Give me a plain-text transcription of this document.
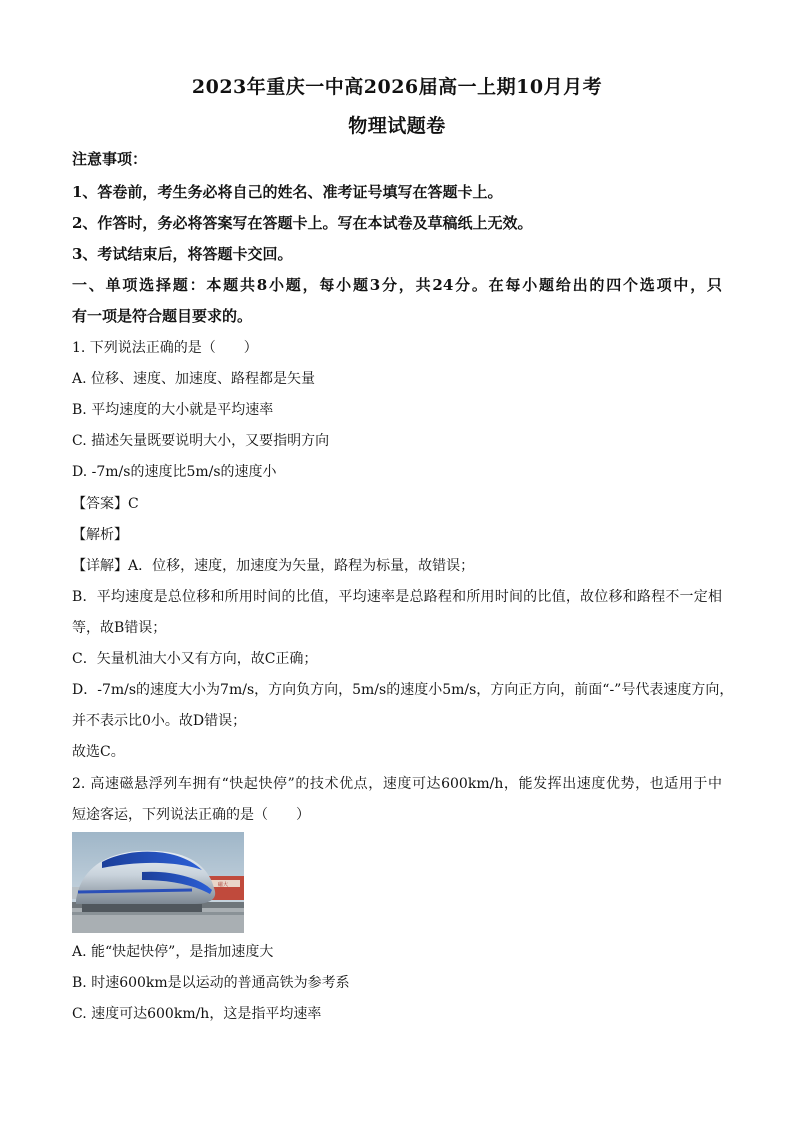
2023年重庆一中高2026届高一上期10月月考
物理试题卷
注意事项：
1、答卷前，考生务必将自己的姓名、准考证号填写在答题卡上。
2、作答时，务必将答案写在答题卡上。写在本试卷及草稿纸上无效。
3、考试结束后，将答题卡交回。
一、单项选择题：本题共8小题，每小题3分，共24分。在每小题给出的四个选项中，只
有一项是符合题目要求的。
1. 下列说法正确的是（　　）
A. 位移、速度、加速度、路程都是矢量
B. 平均速度的大小就是平均速率
C. 描述矢量既要说明大小，又要指明方向
D. -7m/s的速度比5m/s的速度小
【答案】C
【解析】
【详解】A．位移，速度，加速度为矢量，路程为标量，故错误；
B．平均速度是总位移和所用时间的比值，平均速率是总路程和所用时间的比值，故位移和路程不一定相
等，故B错误；
C．矢量机油大小又有方向，故C正确；
D．-7m/s的速度大小为7m/s，方向负方向，5m/s的速度小5m/s，方向正方向，前面“-”号代表速度方向，
并不表示比0小。故D错误；
故选C。
2. 高速磁悬浮列车拥有“快起快停”的技术优点，速度可达600km/h，能发挥出速度优势，也适用于中
短途客运，下列说法正确的是（　　）
磁大
A. 能“快起快停”，是指加速度大
B. 时速600km是以运动的普通高铁为参考系
C. 速度可达600km/h，这是指平均速率
